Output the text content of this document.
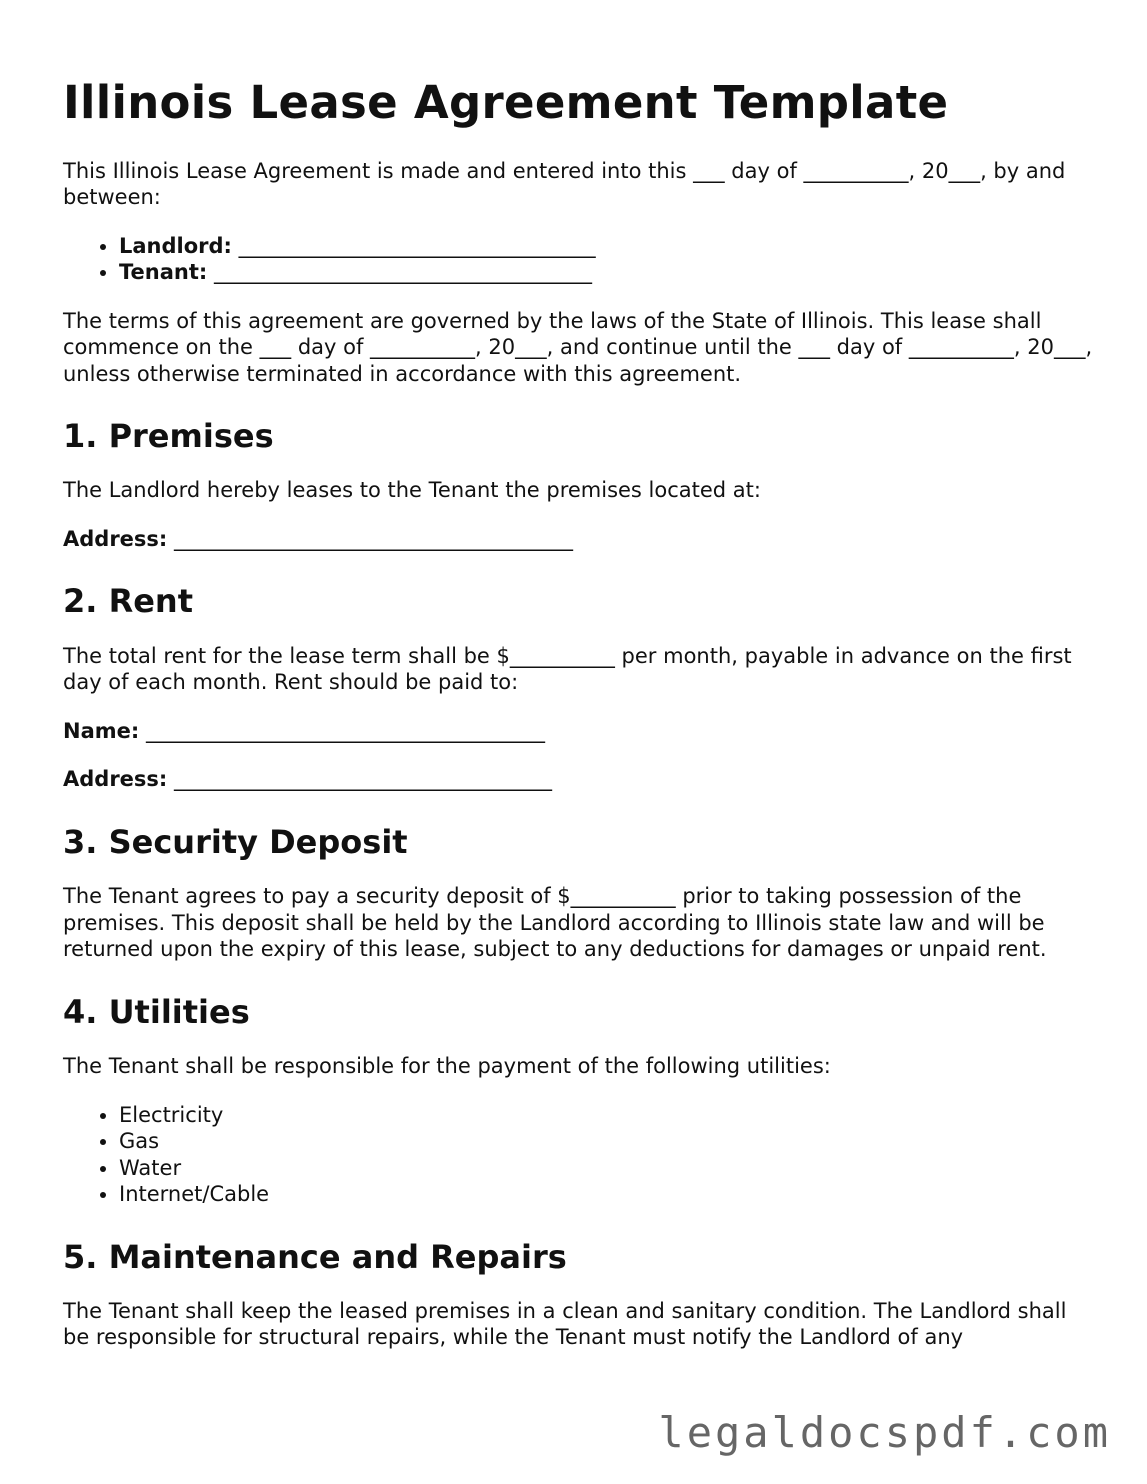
Illinois Lease Agreement Template

This Illinois Lease Agreement is made and entered into this ___ day of __________, 20___, by and between:

• Landlord: __________________________________
• Tenant: ____________________________________

The terms of this agreement are governed by the laws of the State of Illinois. This lease shall commence on the ___ day of __________, 20___, and continue until the ___ day of __________, 20___, unless otherwise terminated in accordance with this agreement.

1. Premises

The Landlord hereby leases to the Tenant the premises located at:

Address: ______________________________________

2. Rent

The total rent for the lease term shall be $__________ per month, payable in advance on the first day of each month. Rent should be paid to:

Name: ______________________________________

Address: ____________________________________

3. Security Deposit

The Tenant agrees to pay a security deposit of $__________ prior to taking possession of the premises. This deposit shall be held by the Landlord according to Illinois state law and will be returned upon the expiry of this lease, subject to any deductions for damages or unpaid rent.

4. Utilities

The Tenant shall be responsible for the payment of the following utilities:

• Electricity
• Gas
• Water
• Internet/Cable
5. Maintenance and Repairs

The Tenant shall keep the leased premises in a clean and sanitary condition. The Landlord shall be responsible for structural repairs, while the Tenant must notify the Landlord of any

legaldocspdf.com
